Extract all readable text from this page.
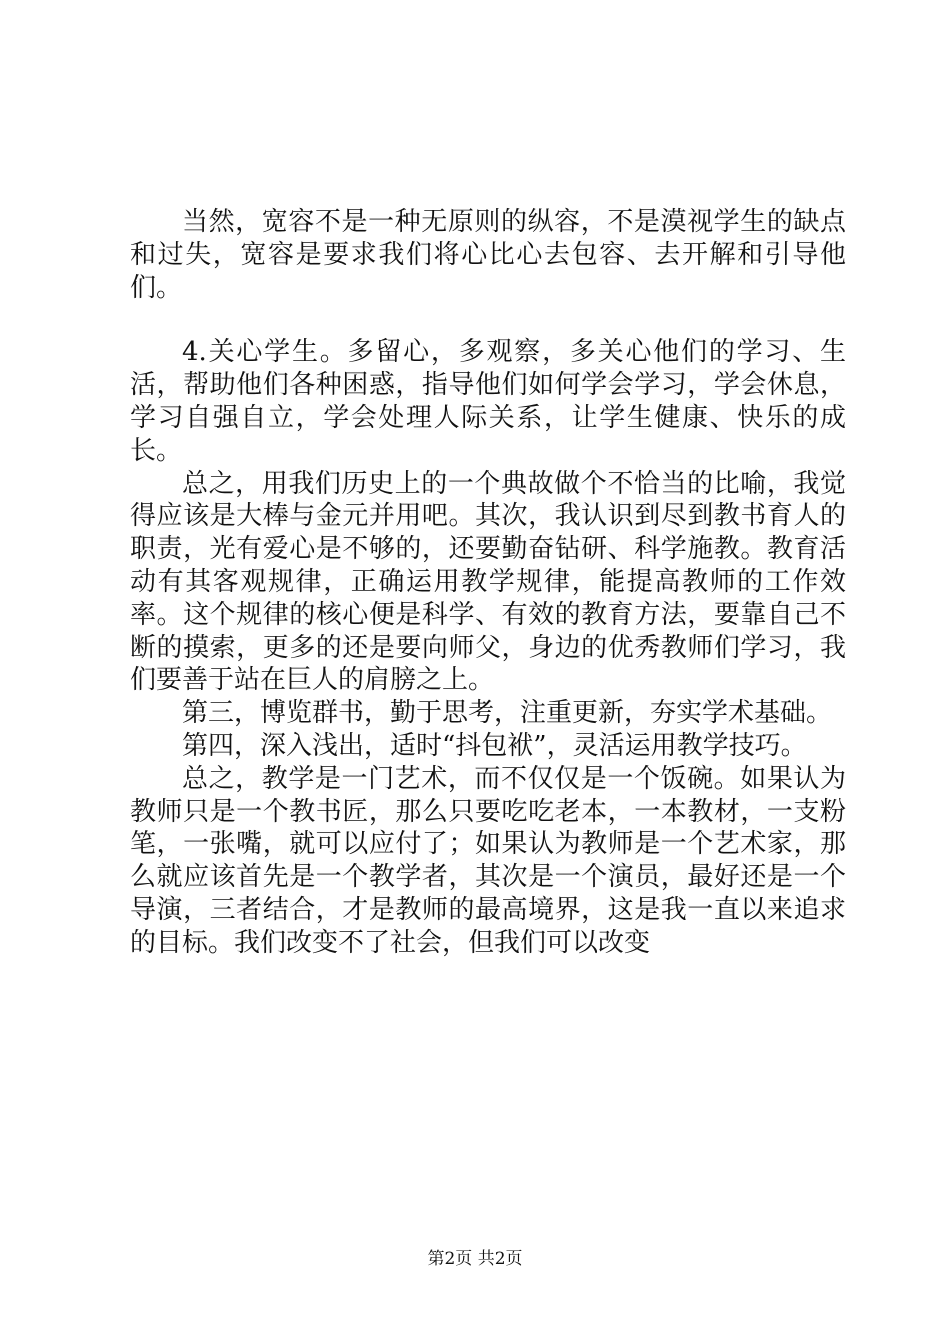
当然，宽容不是一种无原则的纵容，不是漠视学生的缺点和过失，宽容是要求我们将心比心去包容、去开解和引导他们。

4.关心学生。多留心，多观察，多关心他们的学习、生活，帮助他们各种困惑，指导他们如何学会学习，学会休息，学习自强自立，学会处理人际关系，让学生健康、快乐的成长。

总之，用我们历史上的一个典故做个不恰当的比喻，我觉得应该是大棒与金元并用吧。其次，我认识到尽到教书育人的职责，光有爱心是不够的，还要勤奋钻研、科学施教。教育活动有其客观规律，正确运用教学规律，能提高教师的工作效率。这个规律的核心便是科学、有效的教育方法，要靠自己不断的摸索，更多的还是要向师父，身边的优秀教师们学习，我们要善于站在巨人的肩膀之上。

第三，博览群书，勤于思考，注重更新，夯实学术基础。

第四，深入浅出，适时“抖包袱”，灵活运用教学技巧。

总之，教学是一门艺术，而不仅仅是一个饭碗。如果认为教师只是一个教书匠，那么只要吃吃老本，一本教材，一支粉笔，一张嘴，就可以应付了；如果认为教师是一个艺术家，那么就应该首先是一个教学者，其次是一个演员，最好还是一个导演，三者结合，才是教师的最高境界，这是我一直以来追求的目标。我们改变不了社会，但我们可以改变

第2页 共2页
